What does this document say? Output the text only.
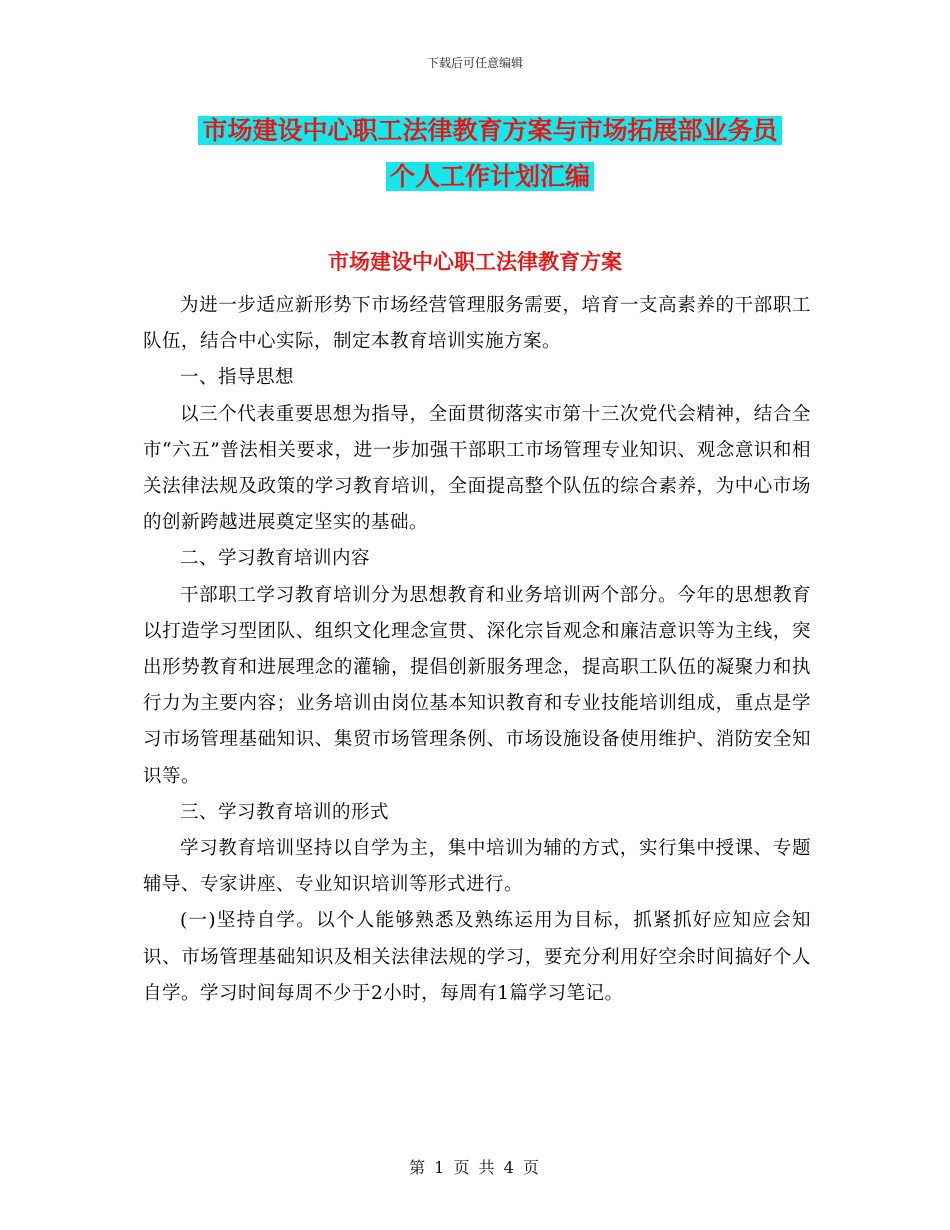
下载后可任意编辑
市场建设中心职工法律教育方案与市场拓展部业务员
个人工作计划汇编
市场建设中心职工法律教育方案

为进一步适应新形势下市场经营管理服务需要，培育一支高素养的干部职工队伍，结合中心实际，制定本教育培训实施方案。

一、指导思想

以三个代表重要思想为指导，全面贯彻落实市第十三次党代会精神，结合全市“六五”普法相关要求，进一步加强干部职工市场管理专业知识、观念意识和相关法律法规及政策的学习教育培训，全面提高整个队伍的综合素养，为中心市场的创新跨越进展奠定坚实的基础。

二、学习教育培训内容

干部职工学习教育培训分为思想教育和业务培训两个部分。今年的思想教育以打造学习型团队、组织文化理念宣贯、深化宗旨观念和廉洁意识等为主线，突出形势教育和进展理念的灌输，提倡创新服务理念，提高职工队伍的凝聚力和执行力为主要内容；业务培训由岗位基本知识教育和专业技能培训组成，重点是学习市场管理基础知识、集贸市场管理条例、市场设施设备使用维护、消防安全知识等。

三、学习教育培训的形式

学习教育培训坚持以自学为主，集中培训为辅的方式，实行集中授课、专题辅导、专家讲座、专业知识培训等形式进行。

(一)坚持自学。以个人能够熟悉及熟练运用为目标，抓紧抓好应知应会知识、市场管理基础知识及相关法律法规的学习，要充分利用好空余时间搞好个人自学。学习时间每周不少于2小时，每周有1篇学习笔记。

第 1 页 共 4 页
